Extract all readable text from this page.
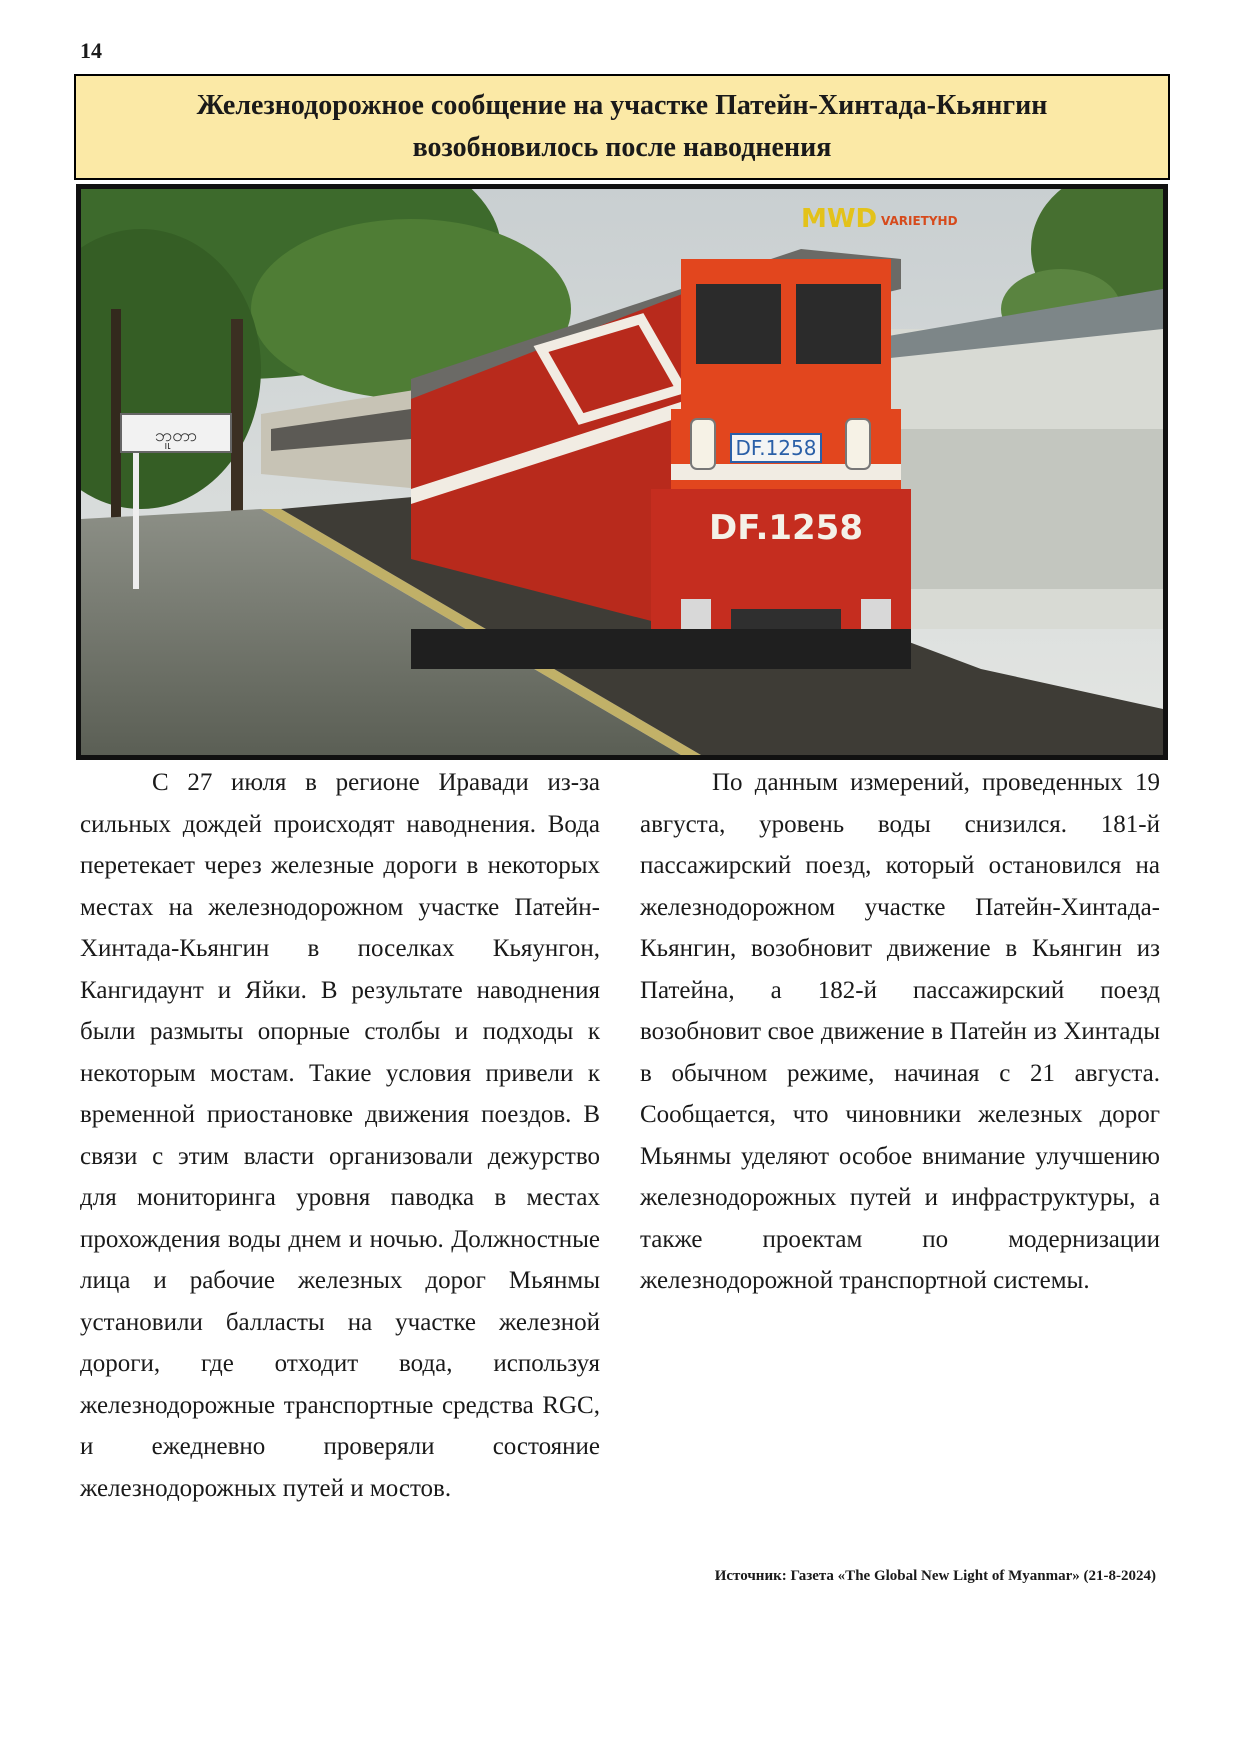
14
Железнодорожное сообщение на участке Патейн-Хинтада-Кьянгин
возобновилось после наводнения
ဘူတာ
DF.1258
DF.1258
MWD VARIETYHD

С 27 июля в регионе Иравади из-за сильных дождей происходят наводнения. Вода перетекает через железные дороги в некоторых местах на железнодорожном участке Патейн-Хинтада-Кьянгин в поселках Кьяунгон, Кангидаунт и Яйки. В результате наводнения были размыты опорные столбы и подходы к некоторым мостам. Такие условия привели к временной приостановке движения поездов. В связи с этим власти организовали дежурство для мониторинга уровня паводка в местах прохождения воды днем и ночью. Должностные лица и рабочие железных дорог Мьянмы установили балласты на участке железной дороги, где отходит вода, используя железнодорожные транспортные средства RGC, и ежедневно проверяли состояние железнодорожных путей и мостов.

По данным измерений, проведенных 19 августа, уровень воды снизился. 181-й пассажирский поезд, который остановился на железнодорожном участке Патейн-Хинтада-Кьянгин, возобновит движение в Кьянгин из Патейна, а 182-й пассажирский поезд возобновит свое движение в Патейн из Хинтады в обычном режиме, начиная с 21 августа. Сообщается, что чиновники железных дорог Мьянмы уделяют особое внимание улучшению железнодорожных путей и инфраструктуры, а также проектам по модернизации железнодорожной транспортной системы.

Источник: Газета «The Global New Light of Myanmar» (21-8-2024)
